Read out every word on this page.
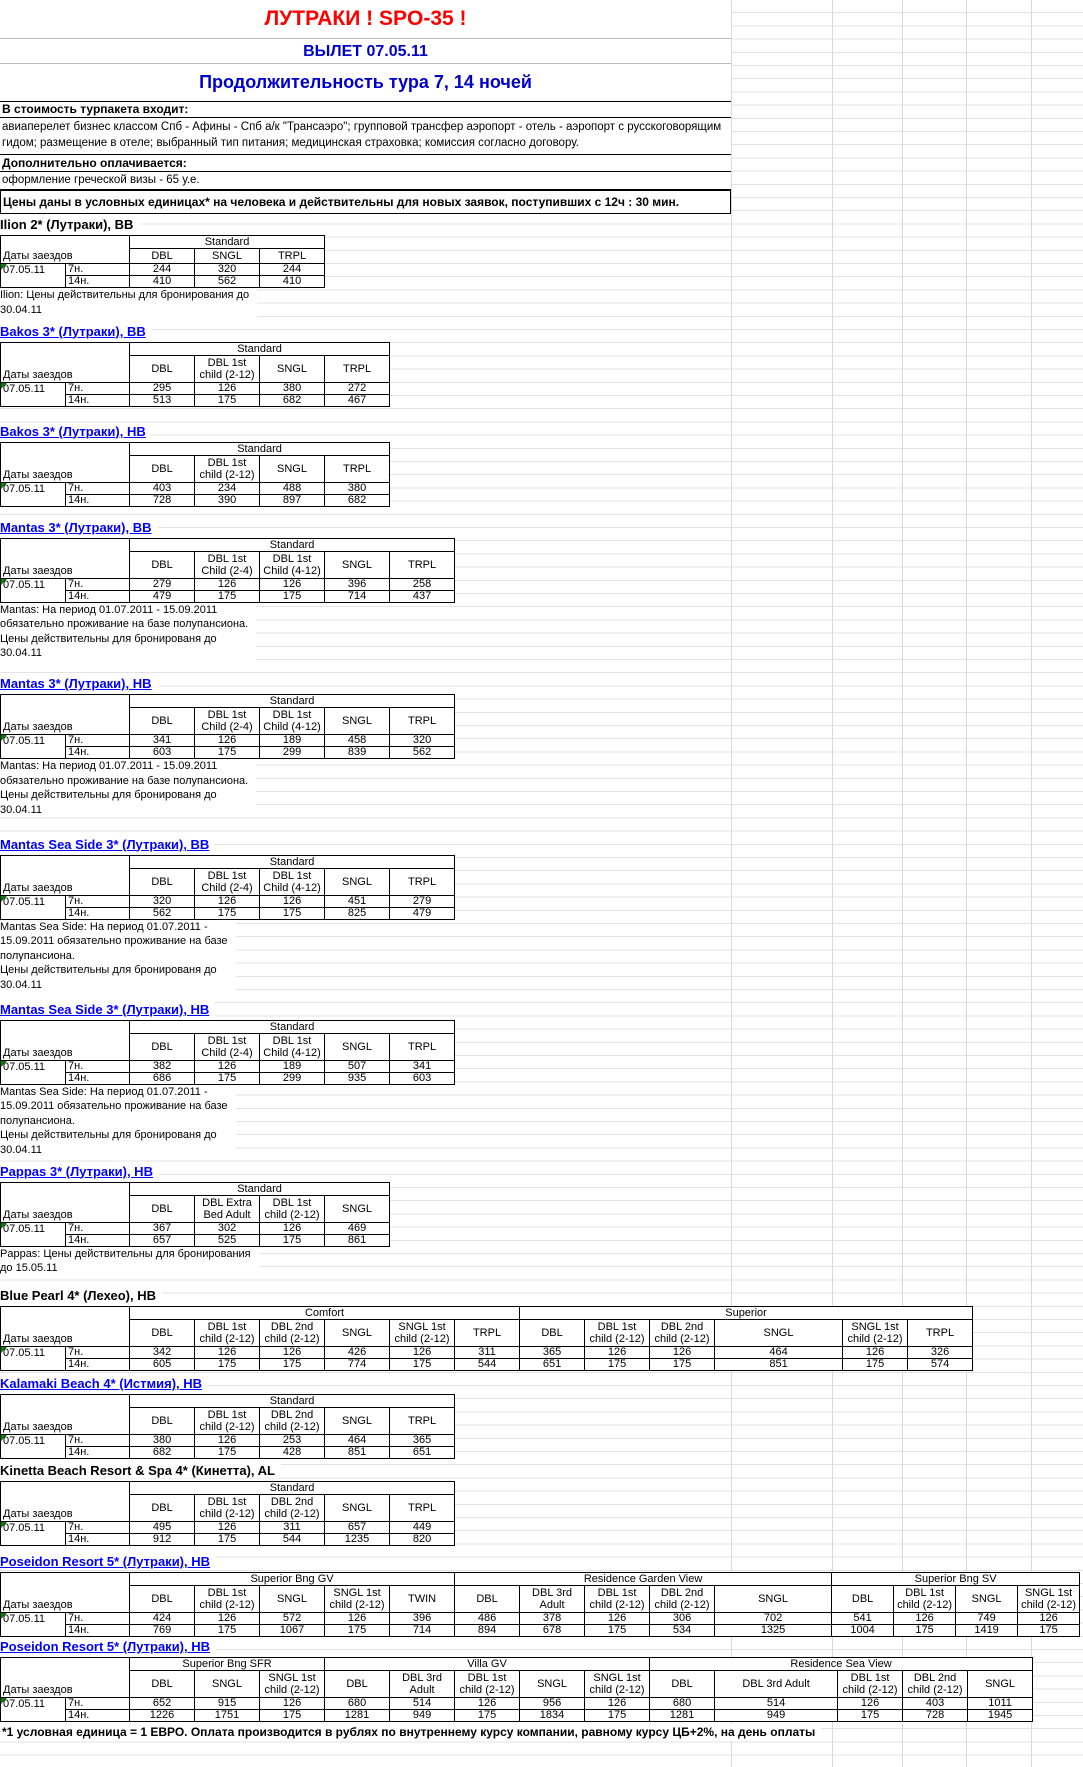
ЛУТРАКИ ! SPO-35 !
ВЫЛЕТ 07.05.11
Продолжительность тура 7, 14 ночей
В стоимость турпакета входит:
авиаперелет бизнес классом Спб - Афины - Спб а/к "Трансаэро"; групповой трансфер аэропорт - отель - аэропорт с русскоговорящим гидом; размещение в отеле; выбранный тип питания; медицинская страховка; комиссия согласно договору.
Дополнительно оплачивается:
оформление греческой визы - 65 у.е.
Цены даны в условных единицах* на человека и действительны для новых заявок, поступивших с 12ч : 30 мин.
Ilion 2* (Лутраки), BB
Даты заездов		Standard		
		DBL	SNGL	TRPL
07.05.11	7н.	244	320	244
	14н.	410	562	410
Ilion: Цены действительны для бронирования до
30.04.11
Bakos 3* (Лутраки), BB
Даты заездов		Standard			
		DBL	DBL 1st child (2-12)	SNGL	TRPL
07.05.11	7н.	295	126	380	272
	14н.	513	175	682	467
Bakos 3* (Лутраки), HB
Даты заездов		Standard			
		DBL	DBL 1st child (2-12)	SNGL	TRPL
07.05.11	7н.	403	234	488	380
	14н.	728	390	897	682
Mantas 3* (Лутраки), BB
Даты заездов		Standard				
		DBL	DBL 1st Child (2-4)	DBL 1st Child (4-12)	SNGL	TRPL
07.05.11	7н.	279	126	126	396	258
	14н.	479	175	175	714	437
Mantas: На период 01.07.2011 - 15.09.2011
обязательно проживание на базе полупансиона.
Цены действительны для бронированя до
30.04.11
Mantas 3* (Лутраки), HB
Даты заездов		Standard				
		DBL	DBL 1st Child (2-4)	DBL 1st Child (4-12)	SNGL	TRPL
07.05.11	7н.	341	126	189	458	320
	14н.	603	175	299	839	562
Mantas: На период 01.07.2011 - 15.09.2011
обязательно проживание на базе полупансиона.
Цены действительны для бронированя до
30.04.11
Mantas Sea Side 3* (Лутраки), BB
Даты заездов		Standard				
		DBL	DBL 1st Child (2-4)	DBL 1st Child (4-12)	SNGL	TRPL
07.05.11	7н.	320	126	126	451	279
	14н.	562	175	175	825	479
Mantas Sea Side: На период 01.07.2011 -
15.09.2011 обязательно проживание на базе
полупансиона.
Цены действительны для бронированя до
30.04.11
Mantas Sea Side 3* (Лутраки), HB
Даты заездов		Standard				
		DBL	DBL 1st Child (2-4)	DBL 1st Child (4-12)	SNGL	TRPL
07.05.11	7н.	382	126	189	507	341
	14н.	686	175	299	935	603
Mantas Sea Side: На период 01.07.2011 -
15.09.2011 обязательно проживание на базе
полупансиона.
Цены действительны для бронированя до
30.04.11
Pappas 3* (Лутраки), HB
Даты заездов		Standard			
		DBL	DBL Extra Bed Adult	DBL 1st child (2-12)	SNGL
07.05.11	7н.	367	302	126	469
	14н.	657	525	175	861
Pappas: Цены действительны для бронирования
до 15.05.11
Blue Pearl 4* (Лехео), HB
Даты заездов		Comfort						Superior					
		DBL	DBL 1st child (2-12)	DBL 2nd child (2-12)	SNGL	SNGL 1st child (2-12)	TRPL	DBL	DBL 1st child (2-12)	DBL 2nd child (2-12)	SNGL	SNGL 1st child (2-12)	TRPL
07.05.11	7н.	342	126	126	426	126	311	365	126	126	464	126	326
	14н.	605	175	175	774	175	544	651	175	175	851	175	574
Kalamaki Beach 4* (Истмия), HB
Даты заездов		Standard				
		DBL	DBL 1st child (2-12)	DBL 2nd child (2-12)	SNGL	TRPL
07.05.11	7н.	380	126	253	464	365
	14н.	682	175	428	851	651
Kinetta Beach Resort & Spa 4* (Кинетта), AL
Даты заездов		Standard				
		DBL	DBL 1st child (2-12)	DBL 2nd child (2-12)	SNGL	TRPL
07.05.11	7н.	495	126	311	657	449
	14н.	912	175	544	1235	820
Poseidon Resort 5* (Лутраки), HB
Даты заездов		Superior Bng GV					Residence Garden View					Superior Bng SV			
		DBL	DBL 1st child (2-12)	SNGL	SNGL 1st child (2-12)	TWIN	DBL	DBL 3rd Adult	DBL 1st child (2-12)	DBL 2nd child (2-12)	SNGL	DBL	DBL 1st child (2-12)	SNGL	SNGL 1st child (2-12)
07.05.11	7н.	424	126	572	126	396	486	378	126	306	702	541	126	749	126
	14н.	769	175	1067	175	714	894	678	175	534	1325	1004	175	1419	175
Poseidon Resort 5* (Лутраки), HB
Даты заездов		Superior Bng SFR			Villa GV					Residence Sea View				
		DBL	SNGL	SNGL 1st child (2-12)	DBL	DBL 3rd Adult	DBL 1st child (2-12)	SNGL	SNGL 1st child (2-12)	DBL	DBL 3rd Adult	DBL 1st child (2-12)	DBL 2nd child (2-12)	SNGL
07.05.11	7н.	652	915	126	680	514	126	956	126	680	514	126	403	1011
	14н.	1226	1751	175	1281	949	175	1834	175	1281	949	175	728	1945
*1 условная единица = 1 ЕВРО. Оплата производится в рублях по внутреннему курсу компании, равному курсу ЦБ+2%, на день оплаты
